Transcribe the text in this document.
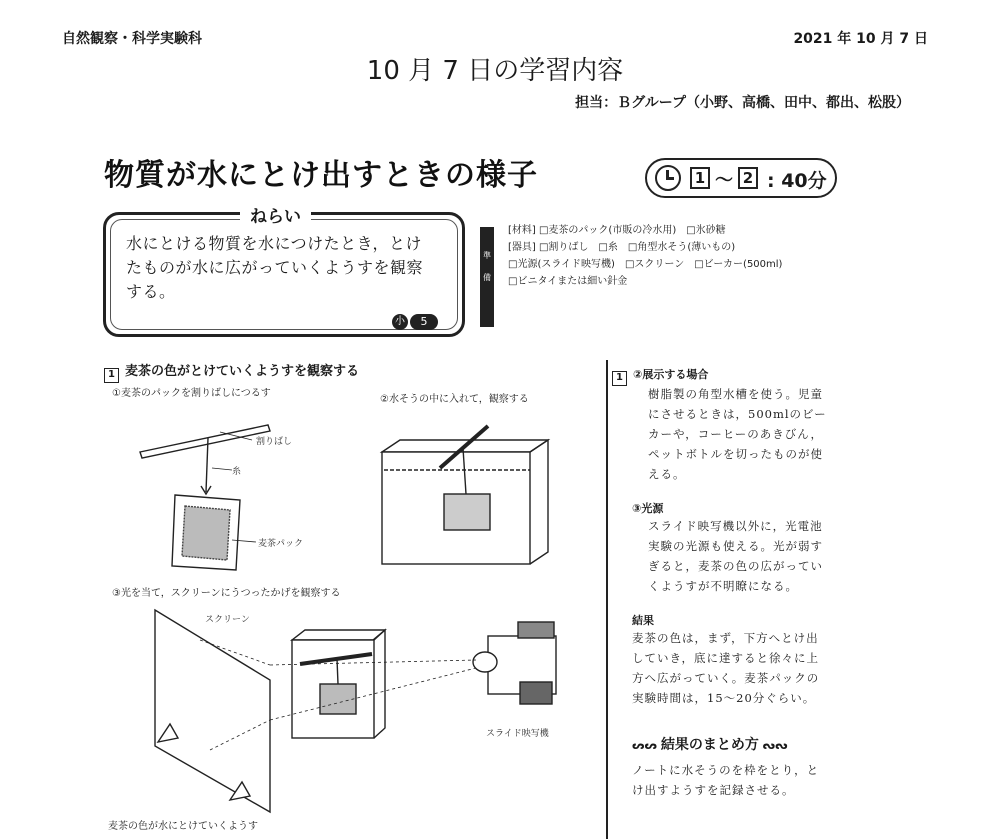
自然観察・科学実験科	2021 年 10 月 7 日
10 月 7 日の学習内容
担当：Ｂグループ（小野、高橋、田中、都出、松股）
物質が水にとけ出すときの様子	1 〜 2 : 40分
ねらい
水にとける物質を水につけたとき，とけ
たものが水に広がっていくようすを観察
する。
小 5
準備
[材料] □麦茶のパック(市販の冷水用)　□氷砂糖
[器具] □割りばし　□糸　□角型水そう(薄いもの)
□光源(スライド映写機)　□スクリーン　□ビーカー(500ml)
□ビニタイまたは細い針金
1 麦茶の色がとけていくようすを観察する
①麦茶のパックを割りばしにつるす
②水そうの中に入れて，観察する
③光を当て，スクリーンにうつったかげを観察する
割りばし
糸
麦茶パック
スクリーン
スライド映写機
麦茶の色が水にとけていくようす
1 ②展示する場合
樹脂製の角型水槽を使う。児童
にさせるときは，500mlのビー
カーや，コーヒーのあきびん，
ペットボトルを切ったものが使
える。
③光源
スライド映写機以外に，光電池
実験の光源も使える。光が弱す
ぎると，麦茶の色の広がってい
くようすが不明瞭になる。
結果
麦茶の色は，まず，下方へとけ出
していき，底に達すると徐々に上
方へ広がっていく。麦茶パックの
実験時間は，15〜20分ぐらい。
ᔕᔕ 結果のまとめ方 ᔓᔓ
ノートに水そうのを枠をとり，と
け出すようすを記録させる。
